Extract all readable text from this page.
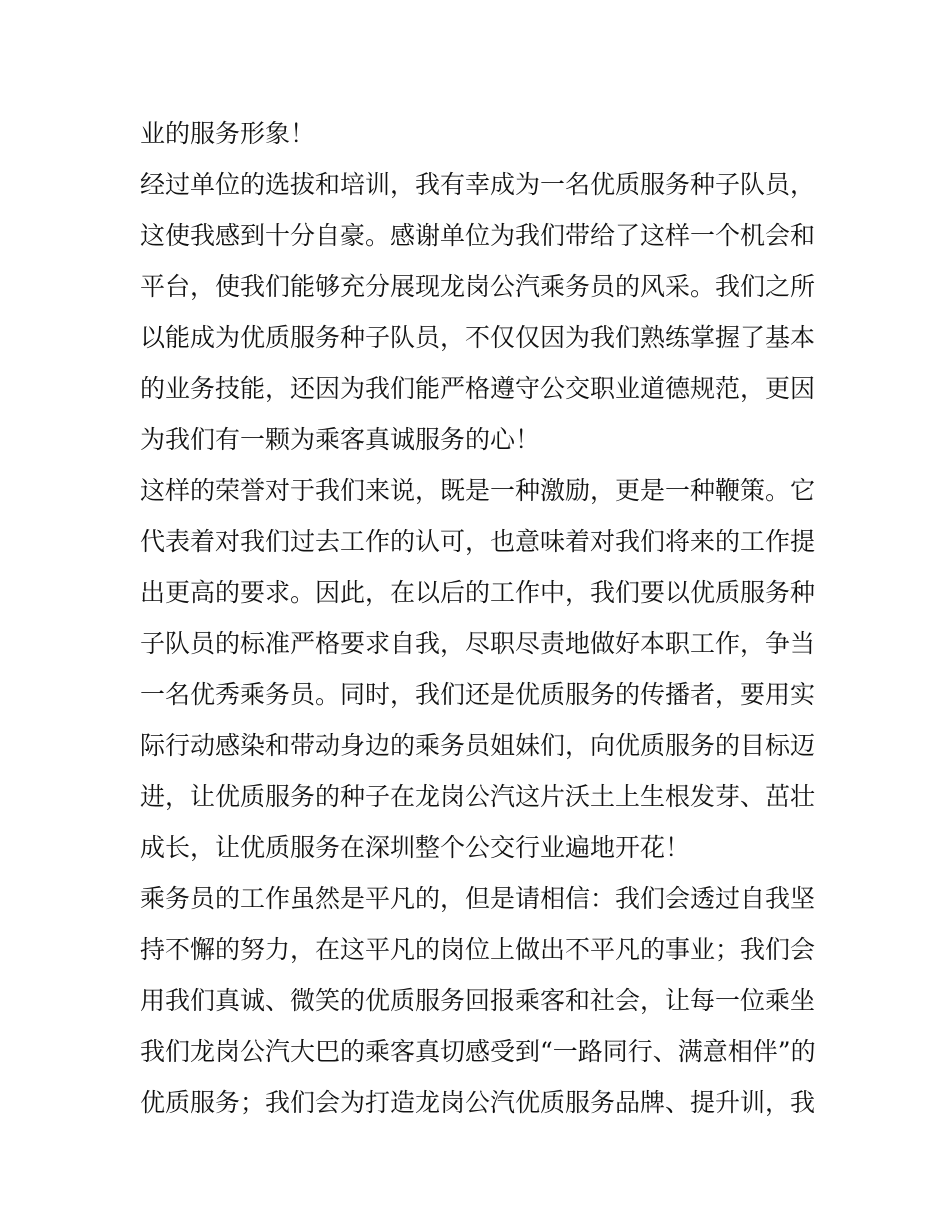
业的服务形象！
经过单位的选拔和培训，我有幸成为一名优质服务种子队员，
这使我感到十分自豪。感谢单位为我们带给了这样一个机会和
平台，使我们能够充分展现龙岗公汽乘务员的风采。我们之所
以能成为优质服务种子队员，不仅仅因为我们熟练掌握了基本
的业务技能，还因为我们能严格遵守公交职业道德规范，更因
为我们有一颗为乘客真诚服务的心！
这样的荣誉对于我们来说，既是一种激励，更是一种鞭策。它
代表着对我们过去工作的认可，也意味着对我们将来的工作提
出更高的要求。因此，在以后的工作中，我们要以优质服务种
子队员的标准严格要求自我，尽职尽责地做好本职工作，争当
一名优秀乘务员。同时，我们还是优质服务的传播者，要用实
际行动感染和带动身边的乘务员姐妹们，向优质服务的目标迈
进，让优质服务的种子在龙岗公汽这片沃土上生根发芽、茁壮
成长，让优质服务在深圳整个公交行业遍地开花！
乘务员的工作虽然是平凡的，但是请相信：我们会透过自我坚
持不懈的努力，在这平凡的岗位上做出不平凡的事业；我们会
用我们真诚、微笑的优质服务回报乘客和社会，让每一位乘坐
我们龙岗公汽大巴的乘客真切感受到“一路同行、满意相伴”的
优质服务；我们会为打造龙岗公汽优质服务品牌、提升训，我
